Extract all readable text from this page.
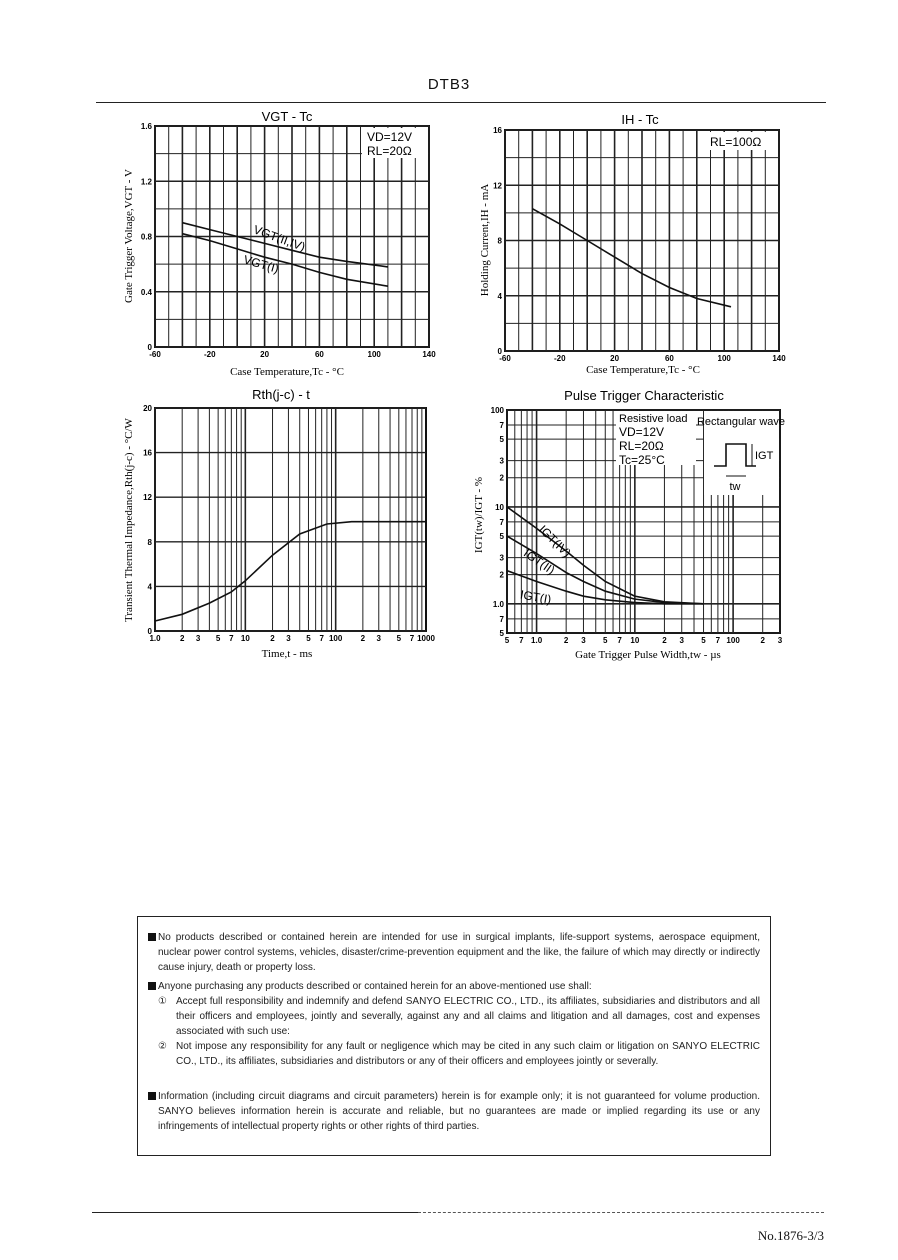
DTB3
VGT - Tc
Case Temperature,Tc - °C
Gate Trigger Voltage,VGT - V
-60	-20	20	60	100	140
0
0.4
0.8
1.2
1.6	IH - Tc
Case Temperature,Tc - °C
Holding Current,IH - mA
-60	-20	20	60	100	140
0
4
8
12
16
Rth(j-c) - t
Time,t - ms
Transient Thermal Impedance,Rth(j-c) - °C/W
1.0 2 3 5 7 10	2 3 5 7 100 2 3 5 7 1000
0
4
8
12
16
20
Pulse Trigger Characteristic
Gate Trigger Pulse Width,tw - µs
IGT(tw)/IGT - %
5 7 1.0	2 3 5 7 10	2 3 5 7 100	2 3
5
7
1.0
2
3
5
7
10
2
3
5
7
100
VD=12V
RL=20Ω
RL=100Ω
Resistive load
VD=12V
RL=20Ω
Tc=25°C
VGT(II,IV)
VGT(I)
IGT(IV)
IGT(II)
IGT(I)
Rectangular wave
IGT
tw
No products described or contained herein are intended for use in surgical implants, life-support systems, aerospace equipment, nuclear power control systems, vehicles, disaster/crime-prevention equipment and the like, the failure of which may directly or indirectly cause injury, death or property loss.
Anyone purchasing any products described or contained herein for an above-mentioned use shall:
① Accept full responsibility and indemnify and defend SANYO ELECTRIC CO., LTD., its affiliates, subsidiaries and distributors and all their officers and employees, jointly and severally, against any and all claims and litigation and all damages, cost and expenses associated with such use:
② Not impose any responsibility for any fault or negligence which may be cited in any such claim or litigation on SANYO ELECTRIC CO., LTD., its affiliates, subsidiaries and distributors or any of their officers and employees jointly or severally.
Information (including circuit diagrams and circuit parameters) herein is for example only; it is not guaranteed for volume production. SANYO believes information herein is accurate and reliable, but no guarantees are made or implied regarding its use or any infringements of intellectual property rights or other rights of third parties.
No.1876-3/3
